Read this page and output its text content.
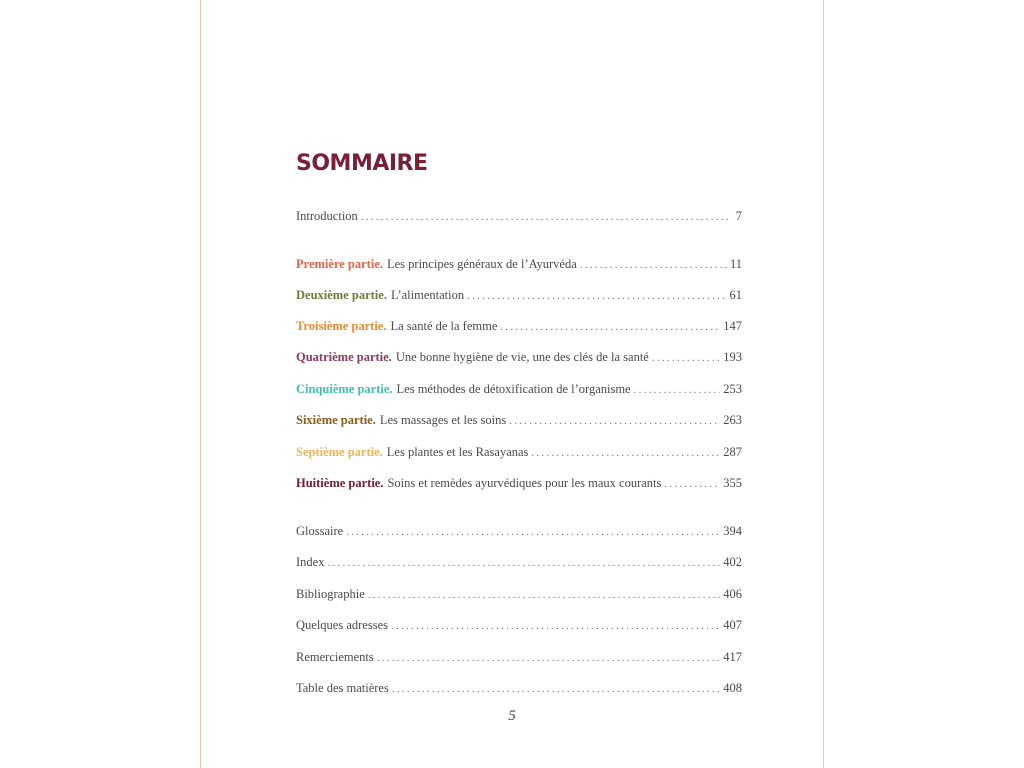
SOMMAIRE
Introduction . . .	7
Première partie. Les principes généraux de l’Ayurvéda . . .	11
Deuxième partie. L’alimentation . . .	61
Troisième partie. La santé de la femme . . .	147
Quatrième partie. Une bonne hygiène de vie, une des clés de la santé . . .	193
Cinquième partie. Les méthodes de détoxification de l’organisme . . .	253
Sixième partie. Les massages et les soins . . .	263
Septième partie. Les plantes et les Rasayanas . . .	287
Huitième partie. Soins et remèdes ayurvédiques pour les maux courants . . .	355
Glossaire . . .	394
Index . . .	402
Bibliographie . . .	406
Quelques adresses . . .	407
Remerciements . . .	417
Table des matières . . .	408
5
